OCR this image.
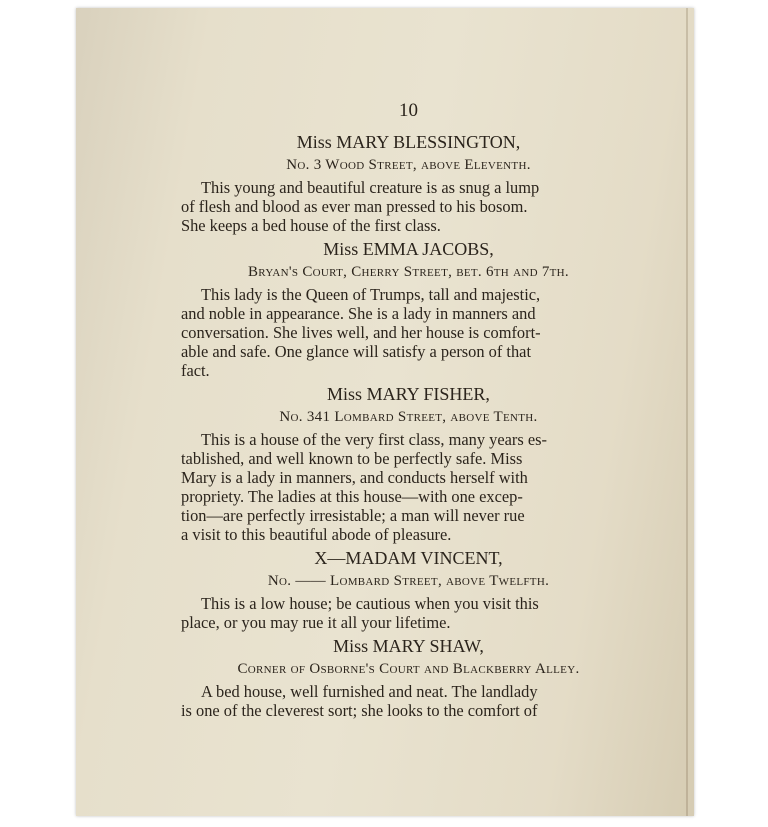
10
Miss MARY BLESSINGTON,
No. 3 Wood Street, above Eleventh.
This young and beautiful creature is as snug a lump
of flesh and blood as ever man pressed to his bosom.
She keeps a bed house of the first class.
Miss EMMA JACOBS,
Bryan's Court, Cherry Street, bet. 6th and 7th.
This lady is the Queen of Trumps, tall and majestic,
and noble in appearance. She is a lady in manners and
conversation. She lives well, and her house is comfort-
able and safe. One glance will satisfy a person of that
fact.
Miss MARY FISHER,
No. 341 Lombard Street, above Tenth.
This is a house of the very first class, many years es-
tablished, and well known to be perfectly safe. Miss
Mary is a lady in manners, and conducts herself with
propriety. The ladies at this house—with one excep-
tion—are perfectly irresistable; a man will never rue
a visit to this beautiful abode of pleasure.
X—MADAM VINCENT,
No. —— Lombard Street, above Twelfth.
This is a low house; be cautious when you visit this
place, or you may rue it all your lifetime.
Miss MARY SHAW,
Corner of Osborne's Court and Blackberry Alley.
A bed house, well furnished and neat. The landlady
is one of the cleverest sort; she looks to the comfort of
